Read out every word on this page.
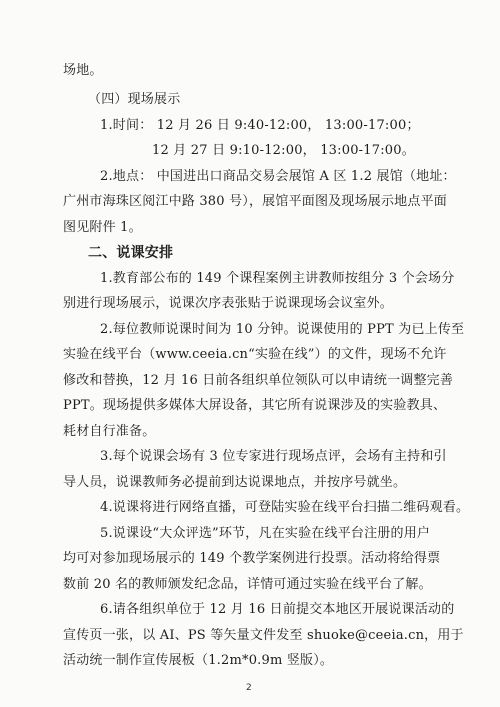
场地。
（四）现场展示
1.时间： 12 月 26 日 9:40-12:00， 13:00-17:00；
12 月 27 日 9:10-12:00， 13:00-17:00。
2.地点： 中国进出口商品交易会展馆 A 区 1.2 展馆（地址：
广州市海珠区阅江中路 380 号），展馆平面图及现场展示地点平面
图见附件 1。
二、说课安排
1.教育部公布的 149 个课程案例主讲教师按组分 3 个会场分
别进行现场展示，说课次序表张贴于说课现场会议室外。
2.每位教师说课时间为 10 分钟。说课使用的 PPT 为已上传至
实验在线平台（www.ceeia.cn“实验在线”）的文件，现场不允许
修改和替换，12 月 16 日前各组织单位领队可以申请统一调整完善
PPT。现场提供多媒体大屏设备，其它所有说课涉及的实验教具、
耗材自行准备。
3.每个说课会场有 3 位专家进行现场点评，会场有主持和引
导人员，说课教师务必提前到达说课地点，并按序号就坐。
4.说课将进行网络直播，可登陆实验在线平台扫描二维码观看。
5.说课设“大众评选”环节，凡在实验在线平台注册的用户
均可对参加现场展示的 149 个教学案例进行投票。活动将给得票
数前 20 名的教师颁发纪念品，详情可通过实验在线平台了解。
6.请各组织单位于 12 月 16 日前提交本地区开展说课活动的
宣传页一张，以 AI、PS 等矢量文件发至 shuoke@ceeia.cn，用于
活动统一制作宣传展板（1.2m*0.9m 竖版）。
2
